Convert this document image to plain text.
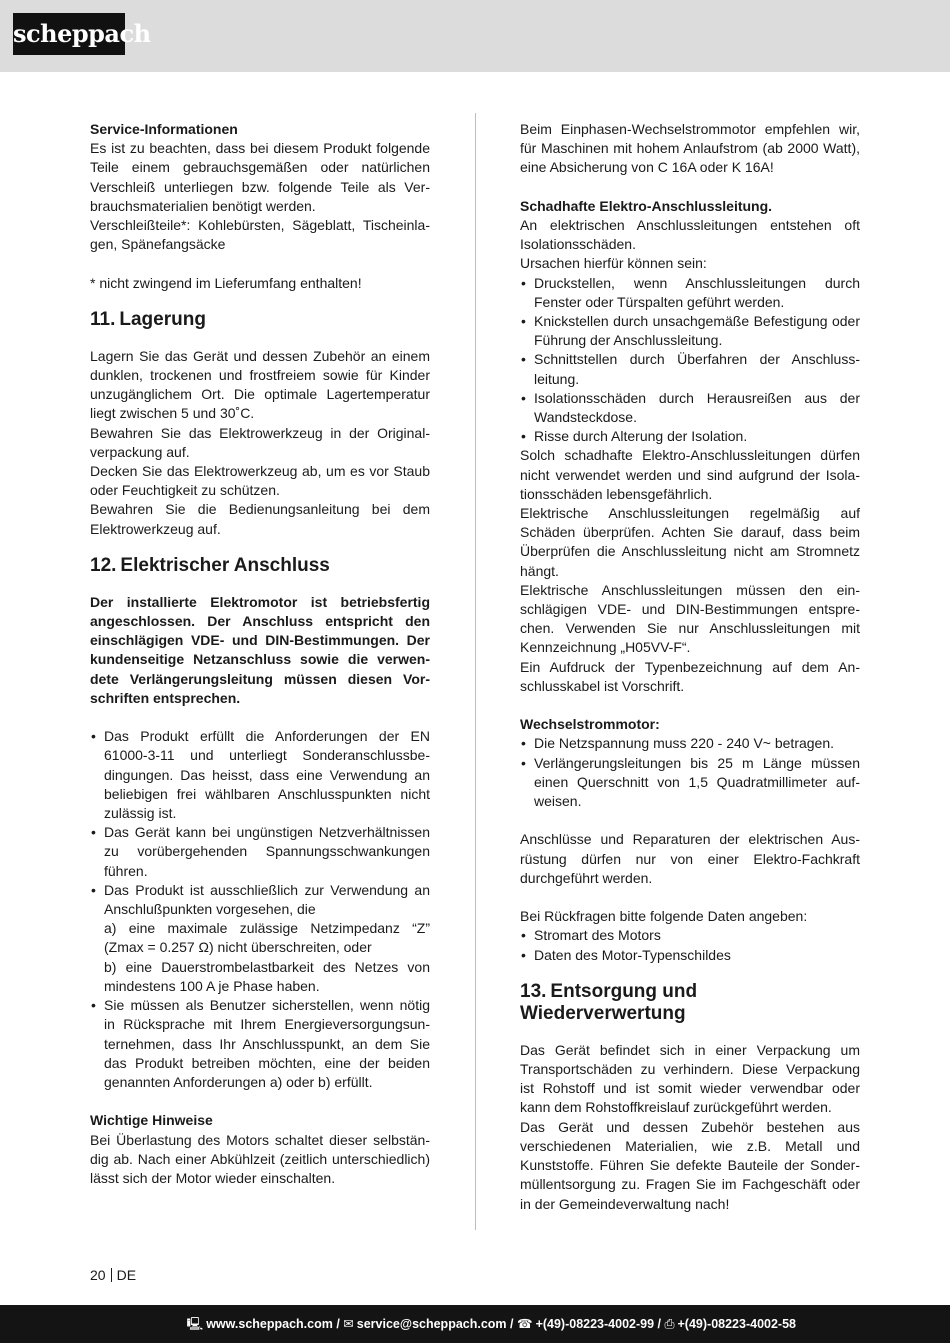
scheppach

Service-Informationen

Es ist zu beachten, dass bei diesem Produkt folgende Teile einem gebrauchsgemäßen oder natürlichen Verschleiß unterliegen bzw. folgende Teile als Verbrauchsmaterialien benötigt werden.

Verschleißteile*: Kohlebürsten, Sägeblatt, Tischeinlagen, Spänefangsäcke

* nicht zwingend im Lieferumfang enthalten!

11. Lagerung

Lagern Sie das Gerät und dessen Zubehör an einem dunklen, trockenen und frostfreiem sowie für Kinder unzugänglichem Ort. Die optimale Lagertemperatur liegt zwischen 5 und 30˚C.

Bewahren Sie das Elektrowerkzeug in der Originalverpackung auf.

Decken Sie das Elektrowerkzeug ab, um es vor Staub oder Feuchtigkeit zu schützen.

Bewahren Sie die Bedienungsanleitung bei dem Elektrowerkzeug auf.

12. Elektrischer Anschluss

Der installierte Elektromotor ist betriebsfertig angeschlossen. Der Anschluss entspricht den einschlägigen VDE- und DIN-Bestimmungen. Der kundenseitige Netzanschluss sowie die verwendete Verlängerungsleitung müssen diesen Vorschriften entsprechen.

• Das Produkt erfüllt die Anforderungen der EN 61000-3-11 und unterliegt Sonderanschlussbedingungen. Das heisst, dass eine Verwendung an beliebigen frei wählbaren Anschlusspunkten nicht zulässig ist.
• Das Gerät kann bei ungünstigen Netzverhältnissen zu vorübergehenden Spannungsschwankungen führen.
• Das Produkt ist ausschließlich zur Verwendung an Anschlußpunkten vorgesehen, die
a) eine maximale zulässige Netzimpedanz “Z” (Zmax = 0.257 Ω) nicht überschreiten, oder
b) eine Dauerstrombelastbarkeit des Netzes von mindestens 100 A je Phase haben.
• Sie müssen als Benutzer sicherstellen, wenn nötig in Rücksprache mit Ihrem Energieversorgungsunternehmen, dass Ihr Anschlusspunkt, an dem Sie das Produkt betreiben möchten, eine der beiden genannten Anforderungen a) oder b) erfüllt.

Wichtige Hinweise

Bei Überlastung des Motors schaltet dieser selbständig ab. Nach einer Abkühlzeit (zeitlich unterschiedlich) lässt sich der Motor wieder einschalten.

Beim Einphasen-Wechselstrommotor empfehlen wir, für Maschinen mit hohem Anlaufstrom (ab 2000 Watt), eine Absicherung von C 16A oder K 16A!

Schadhafte Elektro-Anschlussleitung.

An elektrischen Anschlussleitungen entstehen oft Isolationsschäden.

Ursachen hierfür können sein:

• Druckstellen, wenn Anschlussleitungen durch Fenster oder Türspalten geführt werden.
• Knickstellen durch unsachgemäße Befestigung oder Führung der Anschlussleitung.
• Schnittstellen durch Überfahren der Anschlussleitung.
• Isolationsschäden durch Herausreißen aus der Wandsteckdose.
• Risse durch Alterung der Isolation.

Solch schadhafte Elektro-Anschlussleitungen dürfen nicht verwendet werden und sind aufgrund der Isolationsschäden lebensgefährlich.

Elektrische Anschlussleitungen regelmäßig auf Schäden überprüfen. Achten Sie darauf, dass beim Überprüfen die Anschlussleitung nicht am Stromnetz hängt.

Elektrische Anschlussleitungen müssen den einschlägigen VDE- und DIN-Bestimmungen entsprechen. Verwenden Sie nur Anschlussleitungen mit Kennzeichnung „H05VV-F“.

Ein Aufdruck der Typenbezeichnung auf dem Anschlusskabel ist Vorschrift.

Wechselstrommotor:

• Die Netzspannung muss 220 - 240 V~ betragen.
• Verlängerungsleitungen bis 25 m Länge müssen einen Querschnitt von 1,5 Quadratmillimeter aufweisen.

Anschlüsse und Reparaturen der elektrischen Ausrüstung dürfen nur von einer Elektro-Fachkraft durchgeführt werden.

Bei Rückfragen bitte folgende Daten angeben:

• Stromart des Motors
• Daten des Motor-Typenschildes
13. Entsorgung und Wiederverwertung

Das Gerät befindet sich in einer Verpackung um Transportschäden zu verhindern. Diese Verpackung ist Rohstoff und ist somit wieder verwendbar oder kann dem Rohstoffkreislauf zurückgeführt werden.

Das Gerät und dessen Zubehör bestehen aus verschiedenen Materialien, wie z.B. Metall und Kunststoffe. Führen Sie defekte Bauteile der Sondermüllentsorgung zu. Fragen Sie im Fachgeschäft oder in der Gemeindeverwaltung nach!

20 DE
🖳 www.scheppach.com / ✉ service@scheppach.com / ☎ +(49)-08223-4002-99 / ⎙ +(49)-08223-4002-58
